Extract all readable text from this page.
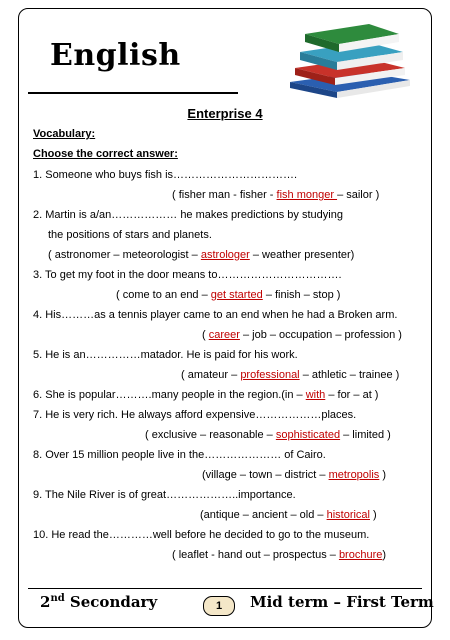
English
Enterprise 4
Vocabulary:
Choose the correct answer:
1. Someone who buys fish is…………………………….
( fisher man - fisher - fish monger – sailor )
2. Martin is a/an……………… he makes predictions by studying
the positions of stars and planets.
( astronomer – meteorologist – astrologer – weather presenter)
3. To get my foot in the door means to…………………………….
( come to an end – get started – finish – stop )
4. His………as a tennis player came to an end when he had a Broken arm.
( career – job – occupation – profession )
5. He is an……………matador. He is paid for his work.
( amateur – professional – athletic – trainee )
6. She is popular……….many people in the region.(in – with – for – at )
7. He is very rich. He always afford expensive………………places.
( exclusive – reasonable – sophisticated – limited )
8. Over 15 million people live in the………………… of Cairo.
(village – town – district – metropolis )
9. The Nile River is of great………………..importance.
(antique – ancient – old – historical )
10. He read the…………well before he decided to go to the museum.
( leaflet - hand out – prospectus – brochure)
2nd Secondary	1	Mid term – First Term
